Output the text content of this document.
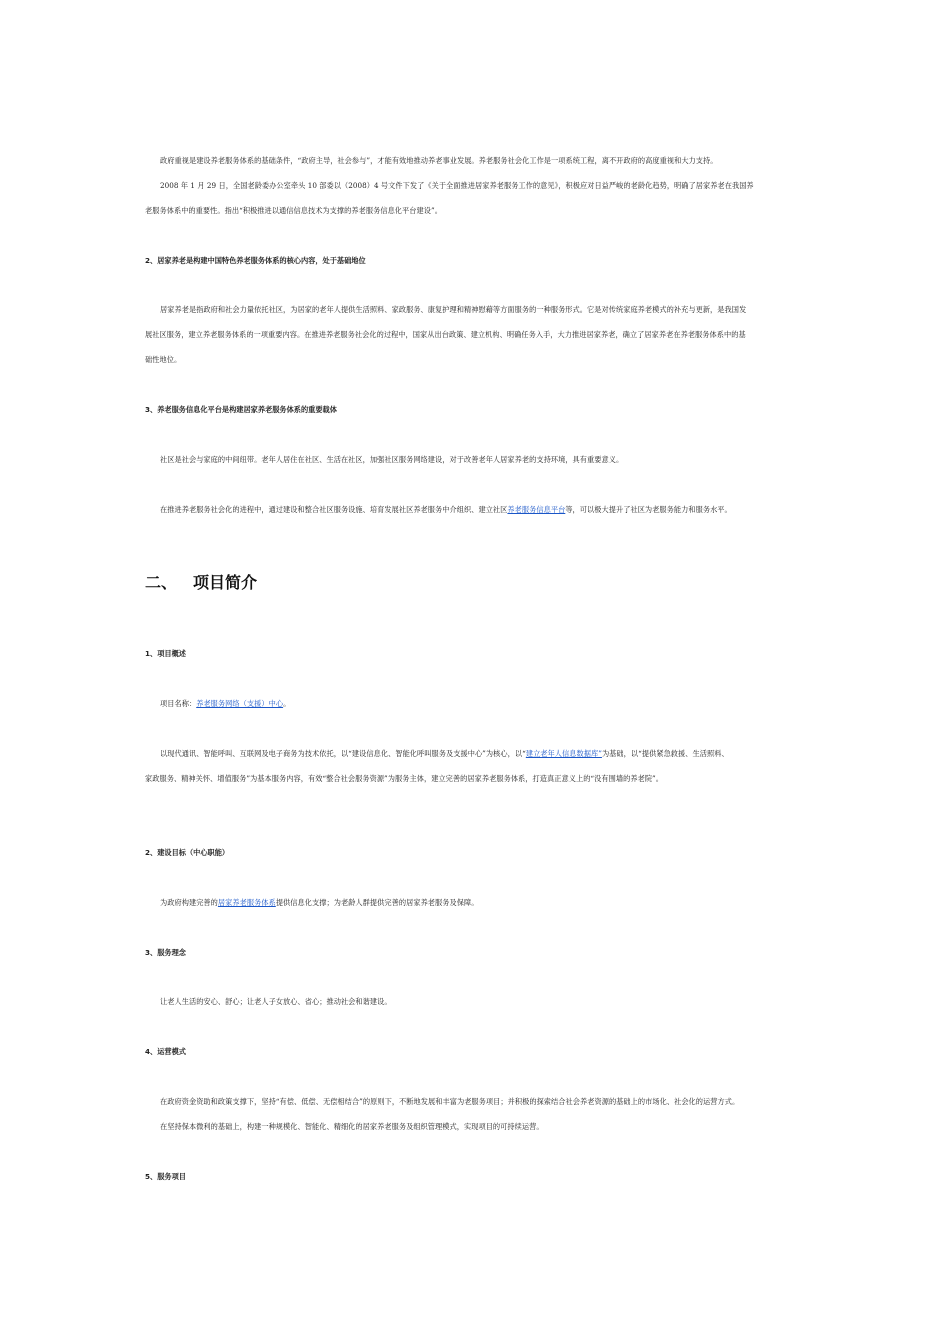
政府重视是建设养老服务体系的基础条件，“政府主导，社会参与”，才能有效地推动养老事业发展。养老服务社会化工作是一项系统工程，离不开政府的高度重视和大力支持。
2008 年 1 月 29 日，全国老龄委办公室牵头 10 部委以（2008）4 号文件下发了《关于全面推进居家养老服务工作的意见》，积极应对日益严峻的老龄化趋势，明确了居家养老在我国养
老服务体系中的重要性。指出“积极推进以通信信息技术为支撑的养老服务信息化平台建设”。
2、居家养老是构建中国特色养老服务体系的核心内容，处于基础地位
居家养老是指政府和社会力量依托社区，为居家的老年人提供生活照料、家政服务、康复护理和精神慰藉等方面服务的一种服务形式。它是对传统家庭养老模式的补充与更新，是我国发
展社区服务，建立养老服务体系的一项重要内容。在推进养老服务社会化的过程中，国家从出台政策、建立机构、明确任务入手，大力推进居家养老，确立了居家养老在养老服务体系中的基
础性地位。
3、养老服务信息化平台是构建居家养老服务体系的重要载体
社区是社会与家庭的中间纽带。老年人居住在社区、生活在社区，加强社区服务网络建设，对于改善老年人居家养老的支持环境，具有重要意义。
在推进养老服务社会化的进程中，通过建设和整合社区服务设施、培育发展社区养老服务中介组织、建立社区养老服务信息平台等，可以极大提升了社区为老服务能力和服务水平。
二、 项目简介
1、项目概述
项目名称：养老服务网络（支援）中心。
以现代通讯、智能呼叫、互联网及电子商务为技术依托，以“建设信息化、智能化呼叫服务及支援中心”为核心，以“建立老年人信息数据库”为基础，以“提供紧急救援、生活照料、
家政服务、精神关怀、增值服务”为基本服务内容，有效“整合社会服务资源”为服务主体，建立完善的居家养老服务体系，打造真正意义上的“没有围墙的养老院”。
2、建设目标（中心职能）
为政府构建完善的居家养老服务体系提供信息化支撑；为老龄人群提供完善的居家养老服务及保障。
3、服务理念
让老人生活的安心、舒心；让老人子女放心、省心；推动社会和谐建设。
4、运营模式
在政府资金资助和政策支撑下，坚持“有偿、低偿、无偿相结合”的原则下，不断地发展和丰富为老服务项目；并积极的探索结合社会养老资源的基础上的市场化、社会化的运营方式。
在坚持保本微利的基础上，构建一种规模化、智能化、精细化的居家养老服务及组织管理模式，实现项目的可持续运营。
5、服务项目
